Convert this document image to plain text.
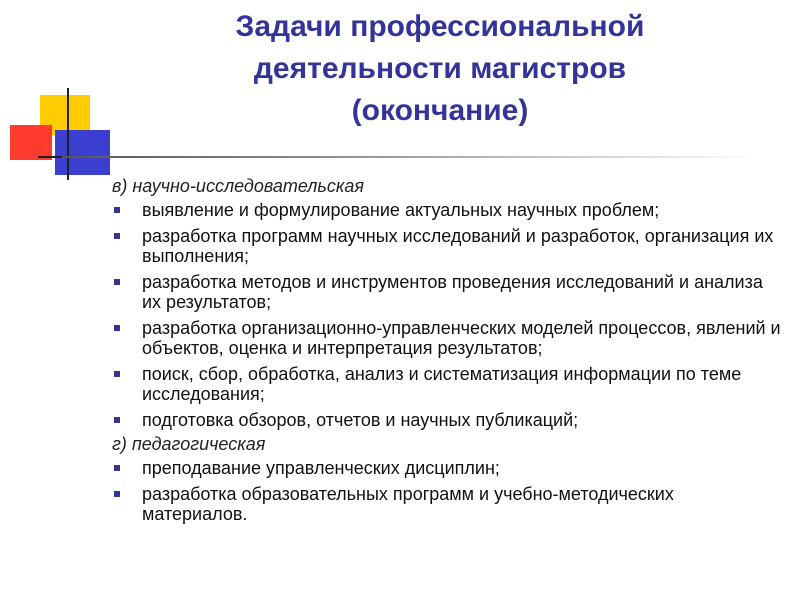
Задачи профессиональной
деятельности магистров
(окончание)
в) научно-исследовательская
выявление и формулирование актуальных научных проблем;
разработка программ научных исследований и разработок, организация их выполнения;
разработка методов и инструментов проведения исследований и анализа их результатов;
разработка организационно-управленческих моделей процессов, явлений и объектов, оценка и интерпретация результатов;
поиск, сбор, обработка, анализ и систематизация информации по теме исследования;
подготовка обзоров, отчетов и научных публикаций;
г) педагогическая
преподавание управленческих дисциплин;
разработка образовательных программ и учебно-методических материалов.
